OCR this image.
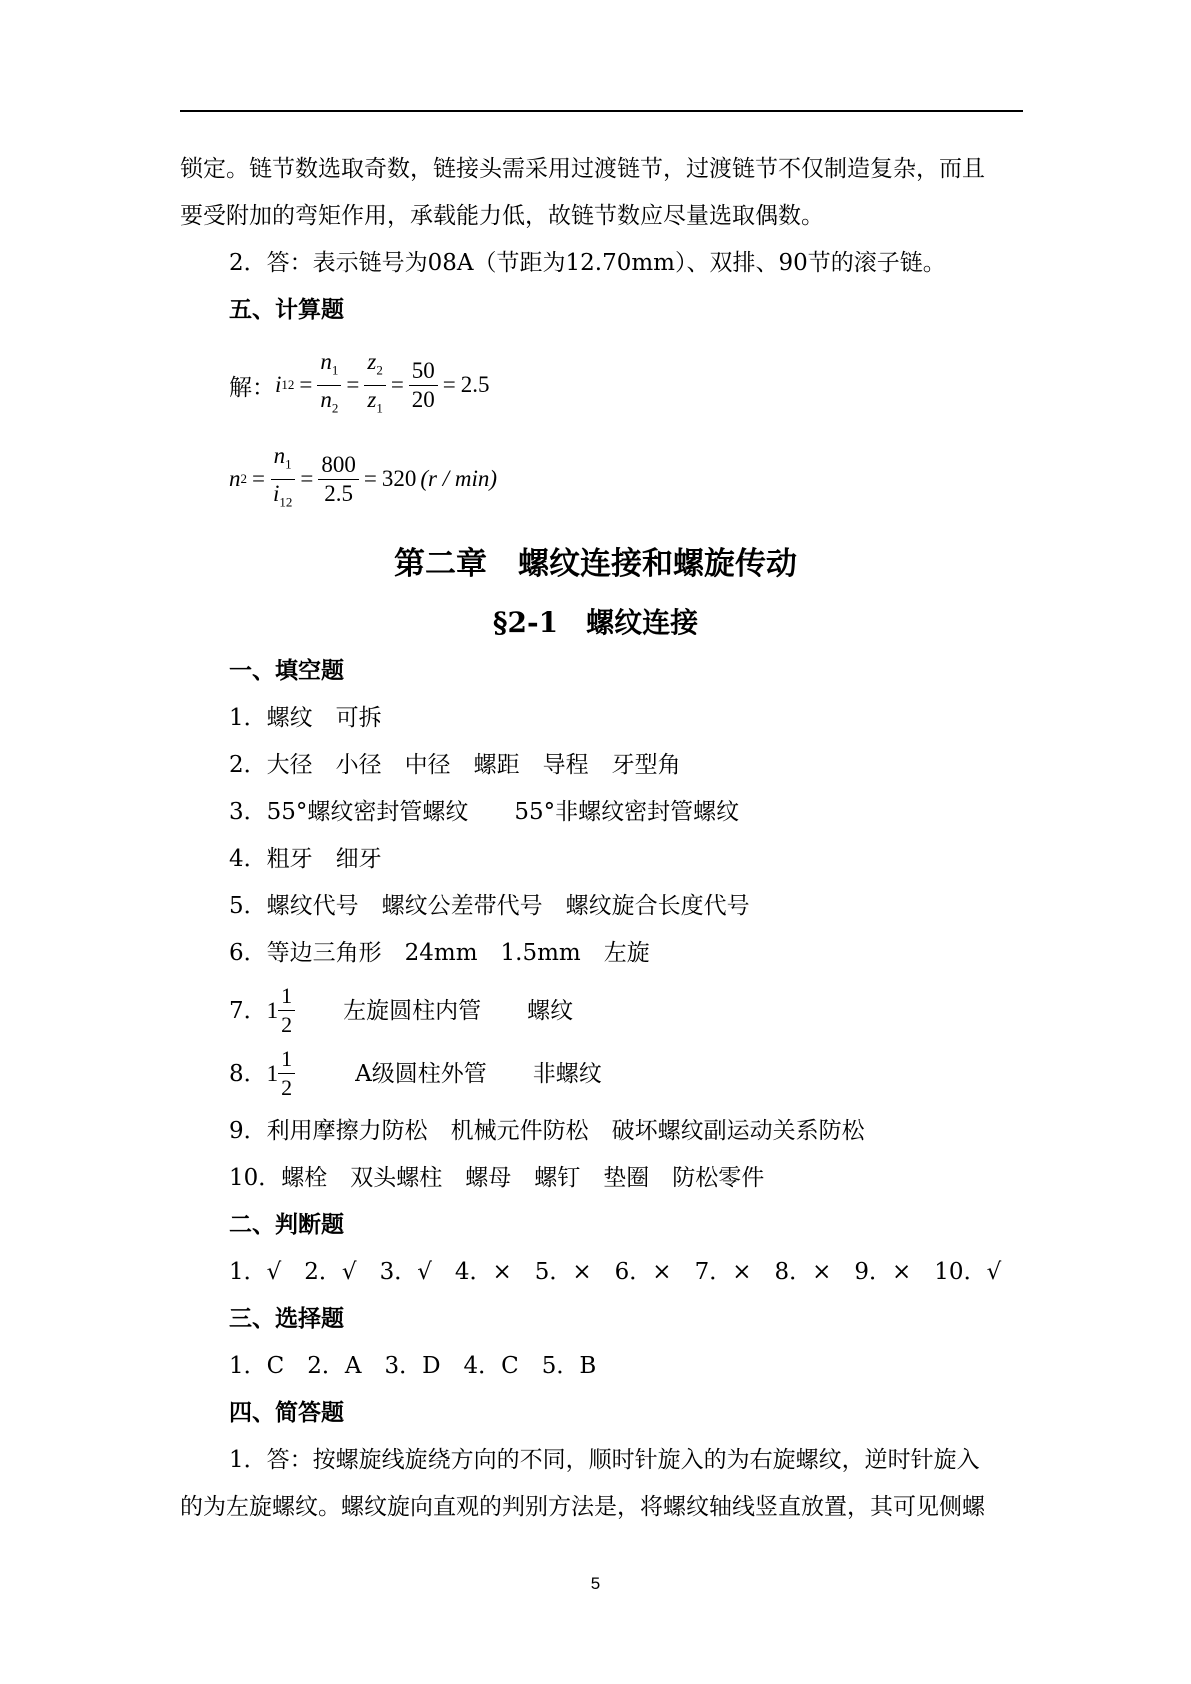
锁定。链节数选取奇数，链接头需采用过渡链节，过渡链节不仅制造复杂，而且
要受附加的弯矩作用，承载能力低，故链节数应尽量选取偶数。
2．答：表示链号为08A（节距为12.70mm）、双排、90节的滚子链。
五、计算题
解： i $12 = \frac{n_1}{n_2} = \frac{z_2}{z_1} = \frac{50}{20} = 2.5$
n $2 = \frac{n_1}{i_{12}} = \frac{800}{2.5} = 320$ (r / min)
第二章　螺纹连接和螺旋传动
§2-1　螺纹连接
一、填空题
1．螺纹　可拆
2．大径　小径　中径　螺距　导程　牙型角
3．55°螺纹密封管螺纹　　55°非螺纹密封管螺纹
4．粗牙　细牙
5．螺纹代号　螺纹公差带代号　螺纹旋合长度代号
6．等边三角形　24mm　1.5mm　左旋
7． $1 \frac{1}{2}$ 左旋圆柱内管　　螺纹
8． $1 \frac{1}{2}$	A级圆柱外管　　非螺纹
9．利用摩擦力防松　机械元件防松　破坏螺纹副运动关系防松
10．螺栓　双头螺柱　螺母　螺钉　垫圈　防松零件
二、判断题
1．√　2．√　3．√　4．×　5．×　6．×　7．×　8．×　9．×　10．√
三、选择题
1．C　2．A　3．D　4．C　5．B
四、简答题
1．答：按螺旋线旋绕方向的不同，顺时针旋入的为右旋螺纹，逆时针旋入
的为左旋螺纹。螺纹旋向直观的判别方法是，将螺纹轴线竖直放置，其可见侧螺
5
